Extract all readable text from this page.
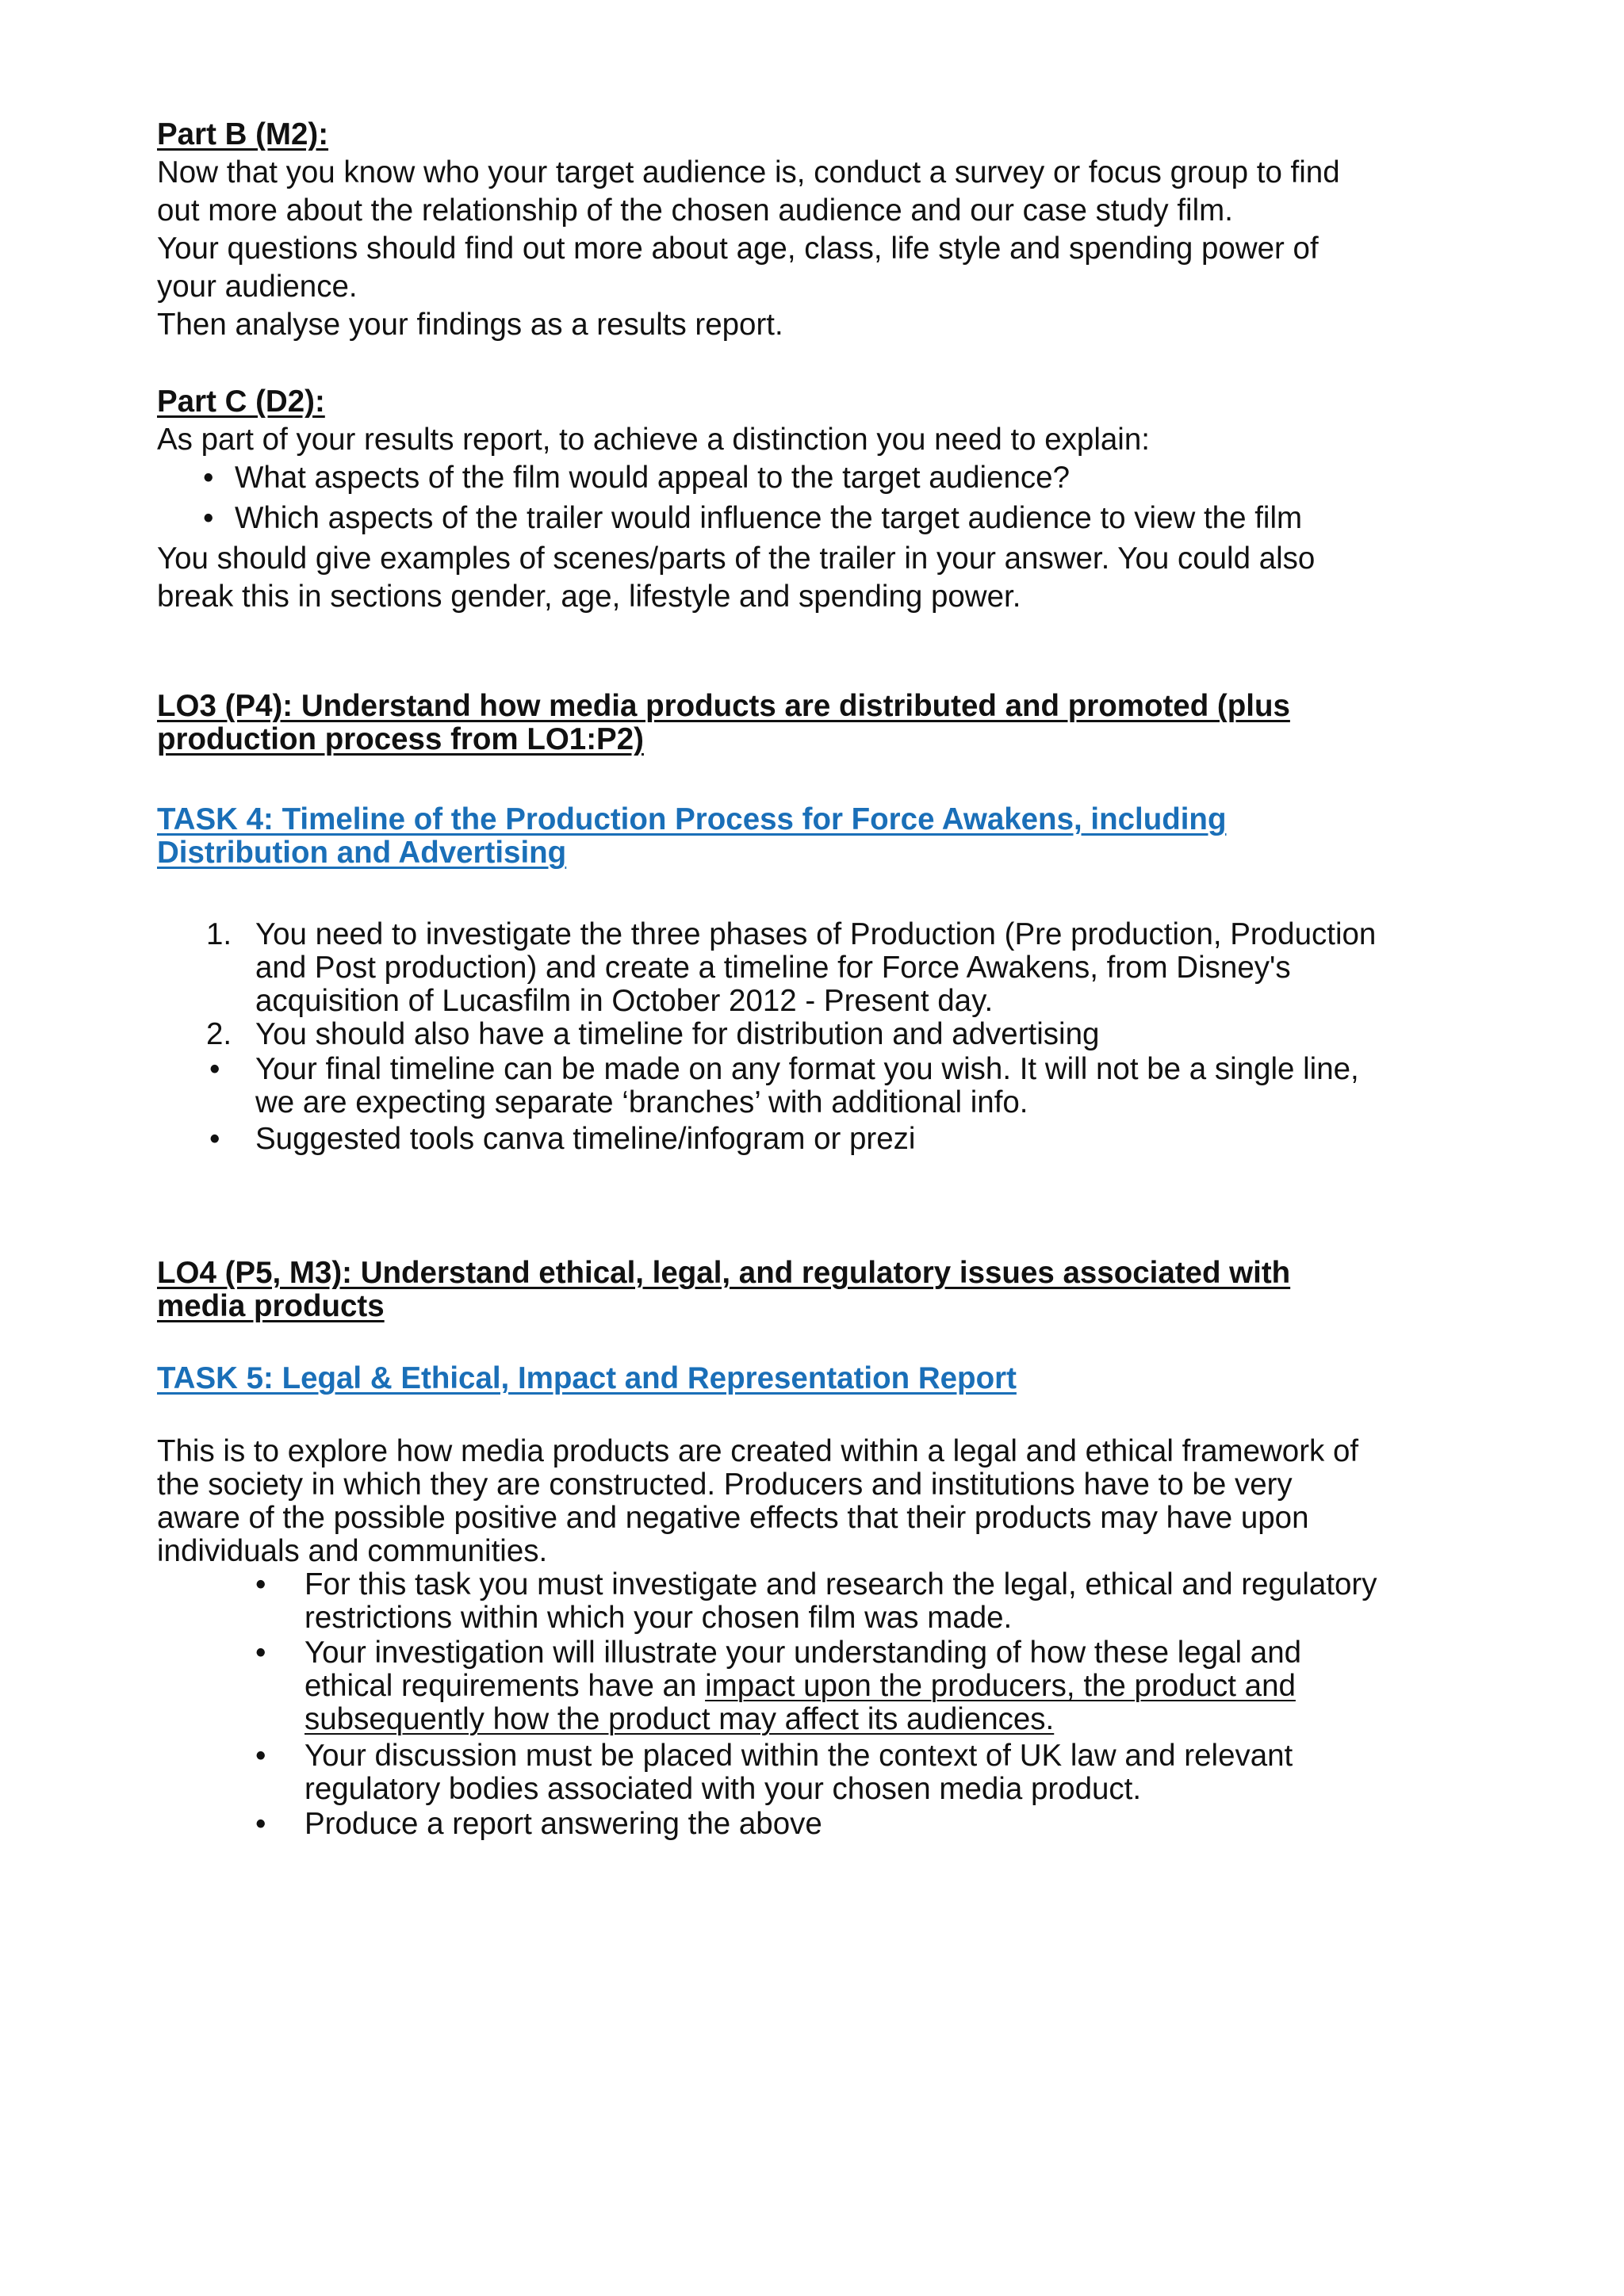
Part B (M2):
Now that you know who your target audience is, conduct a survey or focus group to find
out more about the relationship of the chosen audience and our case study film.
Your questions should find out more about age, class, life style and spending power of
your audience.
Then analyse your findings as a results report.
Part C (D2):
As part of your results report, to achieve a distinction you need to explain:
• What aspects of the film would appeal to the target audience?
• Which aspects of the trailer would influence the target audience to view the film
You should give examples of scenes/parts of the trailer in your answer. You could also
break this in sections gender, age, lifestyle and spending power.
LO3 (P4): Understand how media products are distributed and promoted (plus
production process from LO1:P2)
TASK 4: Timeline of the Production Process for Force Awakens, including
Distribution and Advertising
1. You need to investigate the three phases of Production (Pre production, Production
and Post production) and create a timeline for Force Awakens, from Disney's
acquisition of Lucasfilm in October 2012 - Present day.
2. You should also have a timeline for distribution and advertising
• Your final timeline can be made on any format you wish. It will not be a single line,
we are expecting separate ‘branches’ with additional info.
• Suggested tools canva timeline/infogram or prezi
LO4 (P5, M3): Understand ethical, legal, and regulatory issues associated with
media products
TASK 5: Legal & Ethical, Impact and Representation Report
This is to explore how media products are created within a legal and ethical framework of
the society in which they are constructed. Producers and institutions have to be very
aware of the possible positive and negative effects that their products may have upon
individuals and communities.
• For this task you must investigate and research the legal, ethical and regulatory
restrictions within which your chosen film was made.
• Your investigation will illustrate your understanding of how these legal and
ethical requirements have an impact upon the producers, the product and
subsequently how the product may affect its audiences.
• Your discussion must be placed within the context of UK law and relevant
regulatory bodies associated with your chosen media product.
• Produce a report answering the above
